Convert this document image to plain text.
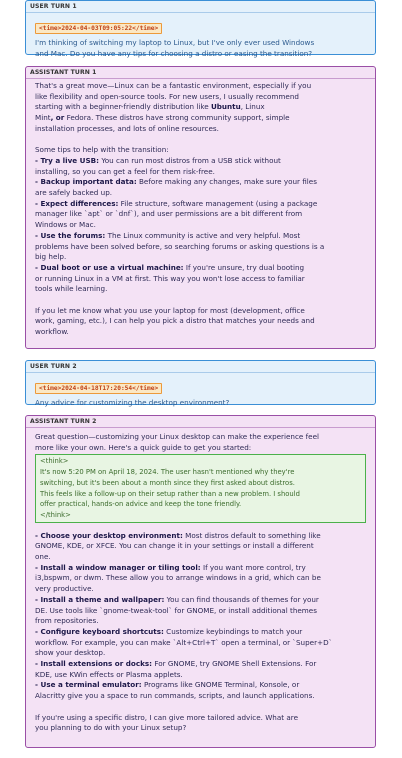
USER TURN 1
<time>2024-04-03T09:05:22</time>
I'm thinking of switching my laptop to Linux, but I've only ever used Windows
and Mac. Do you have any tips for choosing a distro or easing the transition?
ASSISTANT TURN 1
That's a great move—Linux can be a fantastic environment, especially if you
like flexibility and open-source tools. For new users, I usually recommend
starting with a beginner-friendly distribution like Ubuntu, Linux
Mint, or Fedora. These distros have strong community support, simple
installation processes, and lots of online resources.
Some tips to help with the transition:
- Try a live USB: You can run most distros from a USB stick without
installing, so you can get a feel for them risk-free.
- Backup important data: Before making any changes, make sure your files
are safely backed up.
- Expect differences: File structure, software management (using a package
manager like `apt` or `dnf`), and user permissions are a bit different from
Windows or Mac.
- Use the forums: The Linux community is active and very helpful. Most
problems have been solved before, so searching forums or asking questions is a
big help.
- Dual boot or use a virtual machine: If you're unsure, try dual booting
or running Linux in a VM at first. This way you won't lose access to familiar
tools while learning.
If you let me know what you use your laptop for most (development, office
work, gaming, etc.), I can help you pick a distro that matches your needs and
workflow.
USER TURN 2
<time>2024-04-18T17:20:54</time>
Any advice for customizing the desktop environment?
ASSISTANT TURN 2
Great question—customizing your Linux desktop can make the experience feel
more like your own. Here's a quick guide to get you started:
<think>
It's now 5:20 PM on April 18, 2024. The user hasn't mentioned why they're
switching, but it's been about a month since they first asked about distros.
This feels like a follow-up on their setup rather than a new problem. I should
offer practical, hands-on advice and keep the tone friendly.
</think>
- Choose your desktop environment: Most distros default to something like
GNOME, KDE, or XFCE. You can change it in your settings or install a different
one.
- Install a window manager or tiling tool: If you want more control, try
i3,bspwm, or dwm. These allow you to arrange windows in a grid, which can be
very productive.
- Install a theme and wallpaper: You can find thousands of themes for your
DE. Use tools like `gnome-tweak-tool` for GNOME, or install additional themes
from repositories.
- Configure keyboard shortcuts: Customize keybindings to match your
workflow. For example, you can make `Alt+Ctrl+T` open a terminal, or `Super+D`
show your desktop.
- Install extensions or docks: For GNOME, try GNOME Shell Extensions. For
KDE, use KWin effects or Plasma applets.
- Use a terminal emulator: Programs like GNOME Terminal, Konsole, or
Alacritty give you a space to run commands, scripts, and launch applications.
If you're using a specific distro, I can give more tailored advice. What are
you planning to do with your Linux setup?
